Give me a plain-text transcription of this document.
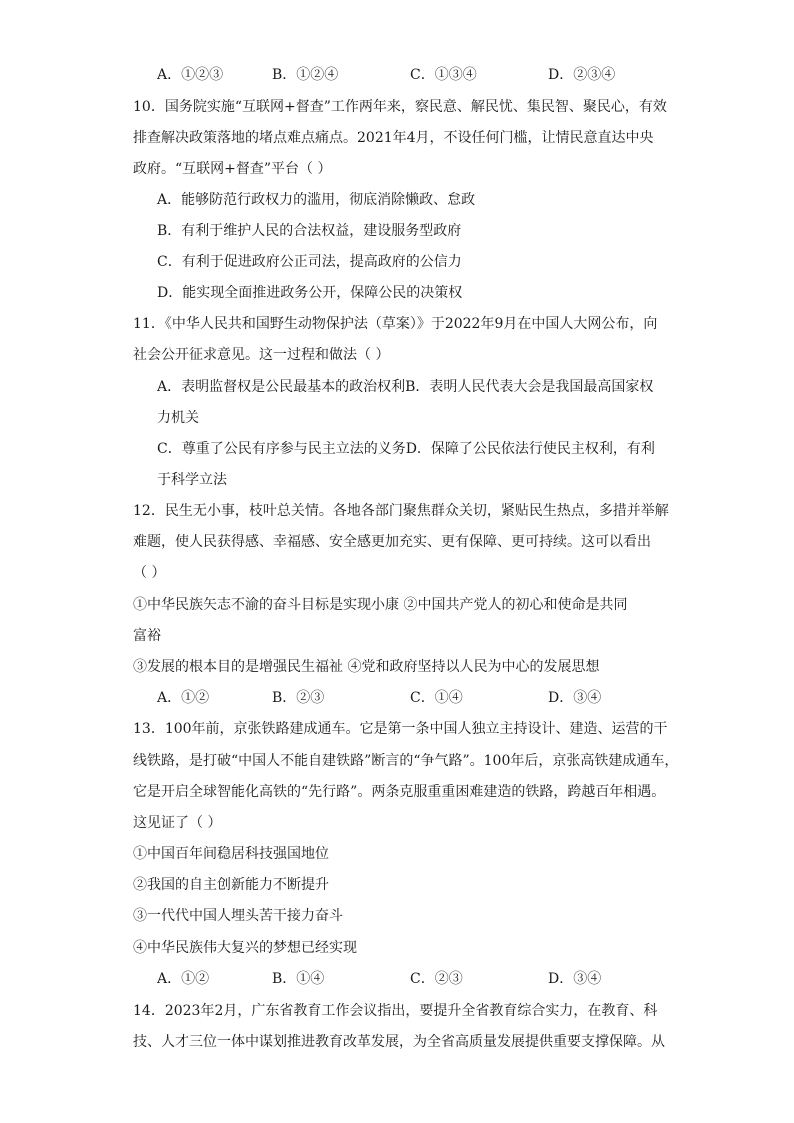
A．①②③	B．①②④	C．①③④	D．②③④
10．国务院实施“互联网+督查”工作两年来，察民意、解民忧、集民智、聚民心，有效
排查解决政策落地的堵点难点痛点。2021年4月，不设任何门槛，让情民意直达中央
政府。“互联网+督查”平台（ ）
A．能够防范行政权力的滥用，彻底消除懒政、怠政
B．有利于维护人民的合法权益，建设服务型政府
C．有利于促进政府公正司法，提高政府的公信力
D．能实现全面推进政务公开，保障公民的决策权
11．《中华人民共和国野生动物保护法（草案）》于2022年9月在中国人大网公布，向
社会公开征求意见。这一过程和做法（ ）
A．表明监督权是公民最基本的政治权利B．表明人民代表大会是我国最高国家权
力机关
C．尊重了公民有序参与民主立法的义务D．保障了公民依法行使民主权利，有利
于科学立法
12．民生无小事，枝叶总关情。各地各部门聚焦群众关切，紧贴民生热点，多措并举解
难题，使人民获得感、幸福感、安全感更加充实、更有保障、更可持续。这可以看出
（ ）
①中华民族矢志不渝的奋斗目标是实现小康 ②中国共产党人的初心和使命是共同
富裕
③发展的根本目的是增强民生福祉 ④党和政府坚持以人民为中心的发展思想
A．①②	B．②③	C．①④	D．③④
13．100年前，京张铁路建成通车。它是第一条中国人独立主持设计、建造、运营的干
线铁路，是打破“中国人不能自建铁路”断言的“争气路”。100年后，京张高铁建成通车，
它是开启全球智能化高铁的“先行路”。两条克服重重困难建造的铁路，跨越百年相遇。
这见证了（ ）
①中国百年间稳居科技强国地位
②我国的自主创新能力不断提升
③一代代中国人埋头苦干接力奋斗
④中华民族伟大复兴的梦想已经实现
A．①②	B．①④	C．②③	D．③④
14．2023年2月，广东省教育工作会议指出，要提升全省教育综合实力，在教育、科
技、人才三位一体中谋划推进教育改革发展，为全省高质量发展提供重要支撑保障。从
